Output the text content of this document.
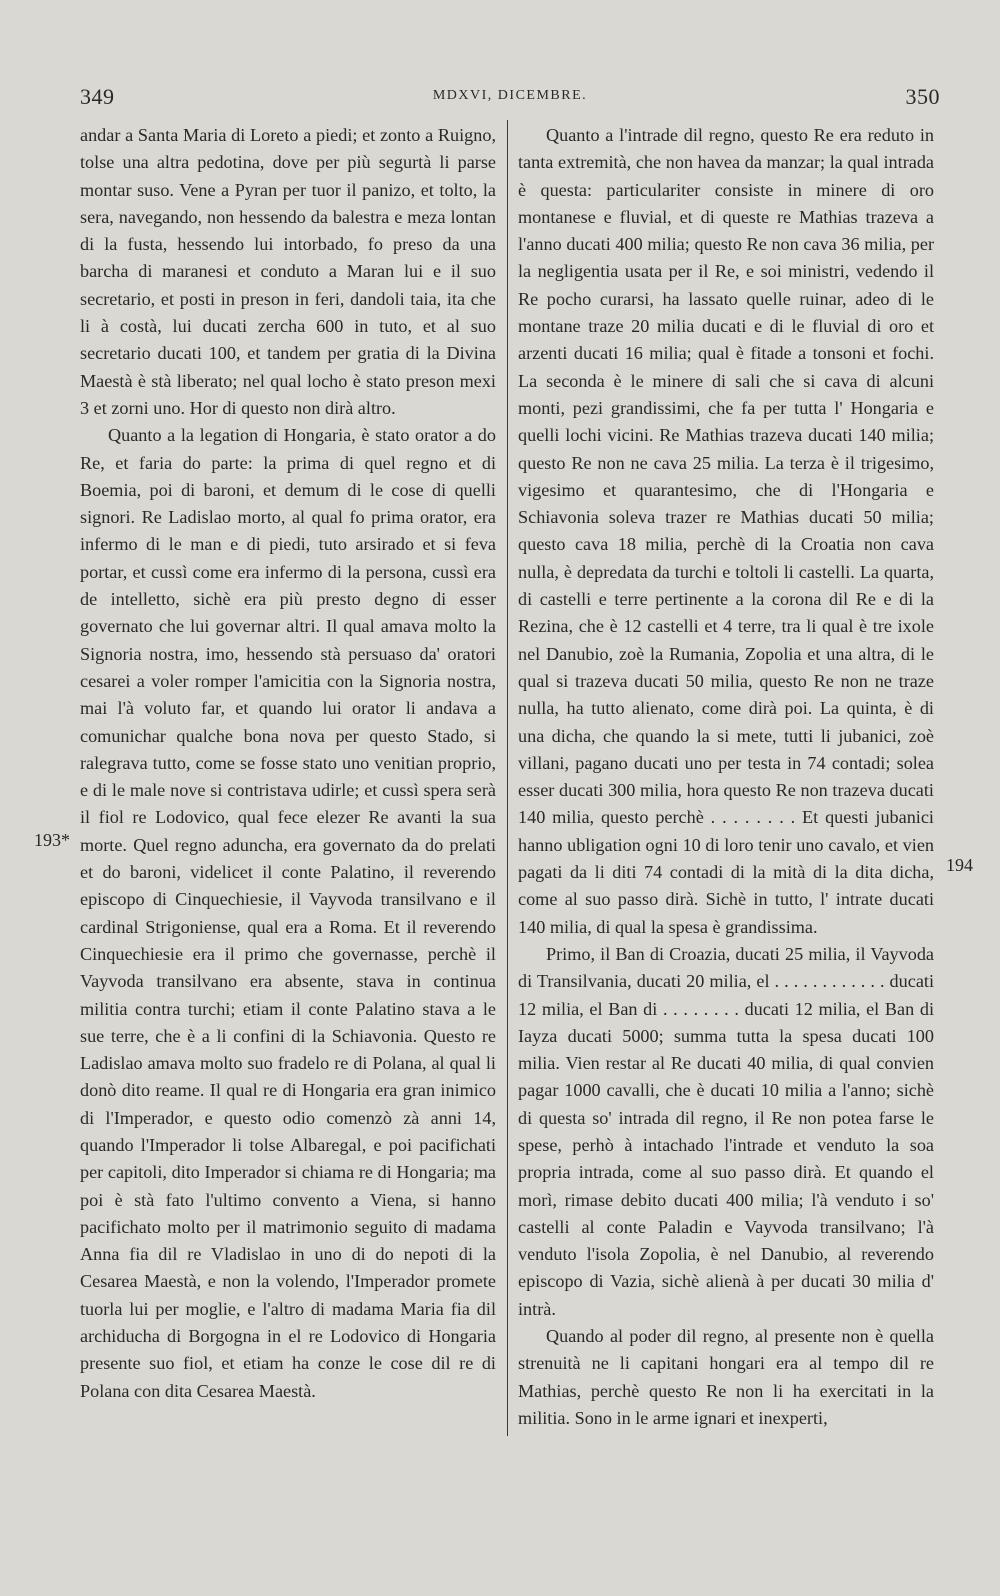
349	MDXVI, DICEMBRE.	350
193*
194

andar a Santa Maria di Loreto a piedi; et zonto a Ruigno, tolse una altra pedotina, dove per più segurtà li parse montar suso. Vene a Pyran per tuor il panizo, et tolto, la sera, navegando, non hessendo da balestra e meza lontan di la fusta, hessendo lui intorbado, fo preso da una barcha di maranesi et conduto a Maran lui e il suo secretario, et posti in preson in feri, dandoli taia, ita che li à costà, lui ducati zercha 600 in tuto, et al suo secretario ducati 100, et tandem per gratia di la Divina Maestà è stà liberato; nel qual locho è stato preson mexi 3 et zorni uno. Hor di questo non dirà altro.

Quanto a la legation di Hongaria, è stato orator a do Re, et faria do parte: la prima di quel regno et di Boemia, poi di baroni, et demum di le cose di quelli signori. Re Ladislao morto, al qual fo prima orator, era infermo di le man e di piedi, tuto arsirado et si feva portar, et cussì come era infermo di la persona, cussì era de intelletto, sichè era più presto degno di esser governato che lui governar altri. Il qual amava molto la Signoria nostra, imo, hessendo stà persuaso da' oratori cesarei a voler romper l'amicitia con la Signoria nostra, mai l'à voluto far, et quando lui orator li andava a comunichar qualche bona nova per questo Stado, si ralegrava tutto, come se fosse stato uno venitian proprio, e di le male nove si contristava udirle; et cussì spera serà il fiol re Lodovico, qual fece elezer Re avanti la sua morte. Quel regno aduncha, era governato da do prelati et do baroni, videlicet il conte Palatino, il reverendo episcopo di Cinquechiesie, il Vayvoda transilvano e il cardinal Strigoniense, qual era a Roma. Et il reverendo Cinquechiesie era il primo che governasse, perchè il Vayvoda transilvano era absente, stava in continua militia contra turchi; etiam il conte Palatino stava a le sue terre, che è a li confini di la Schiavonia. Questo re Ladislao amava molto suo fradelo re di Polana, al qual li donò dito reame. Il qual re di Hongaria era gran inimico di l'Imperador, e questo odio comenzò zà anni 14, quando l'Imperador li tolse Albaregal, e poi pacifichati per capitoli, dito Imperador si chiama re di Hongaria; ma poi è stà fato l'ultimo convento a Viena, si hanno pacifichato molto per il matrimonio seguito di madama Anna fia dil re Vladislao in uno di do nepoti di la Cesarea Maestà, e non la volendo, l'Imperador promete tuorla lui per moglie, e l'altro di madama Maria fia dil archiducha di Borgogna in el re Lodovico di Hongaria presente suo fiol, et etiam ha conze le cose dil re di Polana con dita Cesarea Maestà.

Quanto a l'intrade dil regno, questo Re era reduto in tanta extremità, che non havea da manzar; la qual intrada è questa: particulariter consiste in minere di oro montanese e fluvial, et di queste re Mathias trazeva a l'anno ducati 400 milia; questo Re non cava 36 milia, per la negligentia usata per il Re, e soi ministri, vedendo il Re pocho curarsi, ha lassato quelle ruinar, adeo di le montane traze 20 milia ducati e di le fluvial di oro et arzenti ducati 16 milia; qual è fitade a tonsoni et fochi. La seconda è le minere di sali che si cava di alcuni monti, pezi grandissimi, che fa per tutta l' Hongaria e quelli lochi vicini. Re Mathias trazeva ducati 140 milia; questo Re non ne cava 25 milia. La terza è il trigesimo, vigesimo et quarantesimo, che di l'Hongaria e Schiavonia soleva trazer re Mathias ducati 50 milia; questo cava 18 milia, perchè di la Croatia non cava nulla, è depredata da turchi e toltoli li castelli. La quarta, di castelli e terre pertinente a la corona dil Re e di la Rezina, che è 12 castelli et 4 terre, tra li qual è tre ixole nel Danubio, zoè la Rumania, Zopolia et una altra, di le qual si trazeva ducati 50 milia, questo Re non ne traze nulla, ha tutto alienato, come dirà poi. La quinta, è di una dicha, che quando la si mete, tutti li jubanici, zoè villani, pagano ducati uno per testa in 74 contadi; solea esser ducati 300 milia, hora questo Re non trazeva ducati 140 milia, questo perchè . . . . . . . . Et questi jubanici hanno ubligation ogni 10 di loro tenir uno cavalo, et vien pagati da li diti 74 contadi di la mità di la dita dicha, come al suo passo dirà. Sichè in tutto, l' intrate ducati 140 milia, di qual la spesa è grandissima.

Primo, il Ban di Croazia, ducati 25 milia, il Vayvoda di Transilvania, ducati 20 milia, el . . . . . . . . . . . . ducati 12 milia, el Ban di . . . . . . . . ducati 12 milia, el Ban di Iayza ducati 5000; summa tutta la spesa ducati 100 milia. Vien restar al Re ducati 40 milia, di qual convien pagar 1000 cavalli, che è ducati 10 milia a l'anno; sichè di questa so' intrada dil regno, il Re non potea farse le spese, perhò à intachado l'intrade et venduto la soa propria intrada, come al suo passo dirà. Et quando el morì, rimase debito ducati 400 milia; l'à venduto i so' castelli al conte Paladin e Vayvoda transilvano; l'à venduto l'isola Zopolia, è nel Danubio, al reverendo episcopo di Vazia, sichè alienà à per ducati 30 milia d' intrà.

Quando al poder dil regno, al presente non è quella strenuità ne li capitani hongari era al tempo dil re Mathias, perchè questo Re non li ha exercitati in la militia. Sono in le arme ignari et inexperti,
